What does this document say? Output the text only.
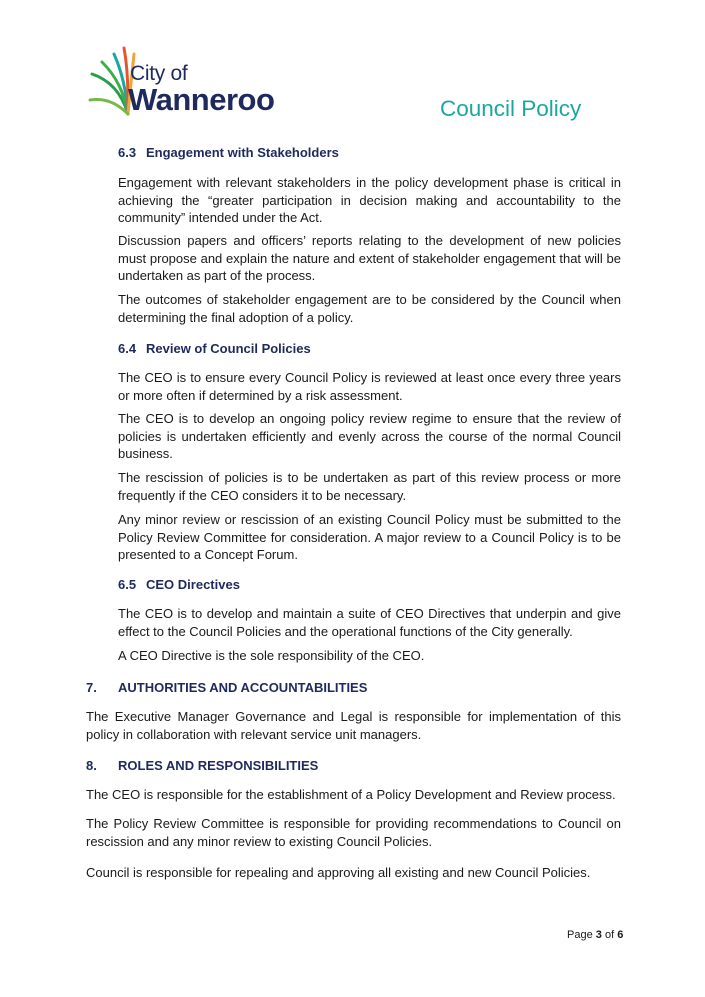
City of
Wanneroo	Council Policy
6.3 Engagement with Stakeholders
Engagement with relevant stakeholders in the policy development phase is critical in achieving the “greater participation in decision making and accountability to the community” intended under the Act.
Discussion papers and officers’ reports relating to the development of new policies must propose and explain the nature and extent of stakeholder engagement that will be undertaken as part of the process.
The outcomes of stakeholder engagement are to be considered by the Council when determining the final adoption of a policy.
6.4 Review of Council Policies
The CEO is to ensure every Council Policy is reviewed at least once every three years or more often if determined by a risk assessment.
The CEO is to develop an ongoing policy review regime to ensure that the review of policies is undertaken efficiently and evenly across the course of the normal Council business.
The rescission of policies is to be undertaken as part of this review process or more frequently if the CEO considers it to be necessary.
Any minor review or rescission of an existing Council Policy must be submitted to the Policy Review Committee for consideration. A major review to a Council Policy is to be presented to a Concept Forum.
6.5 CEO Directives
The CEO is to develop and maintain a suite of CEO Directives that underpin and give effect to the Council Policies and the operational functions of the City generally.
A CEO Directive is the sole responsibility of the CEO.
7. AUTHORITIES AND ACCOUNTABILITIES
The Executive Manager Governance and Legal is responsible for implementation of this policy in collaboration with relevant service unit managers.
8. ROLES AND RESPONSIBILITIES
The CEO is responsible for the establishment of a Policy Development and Review process.
The Policy Review Committee is responsible for providing recommendations to Council on rescission and any minor review to existing Council Policies.
Council is responsible for repealing and approving all existing and new Council Policies.
Page 3 of 6
